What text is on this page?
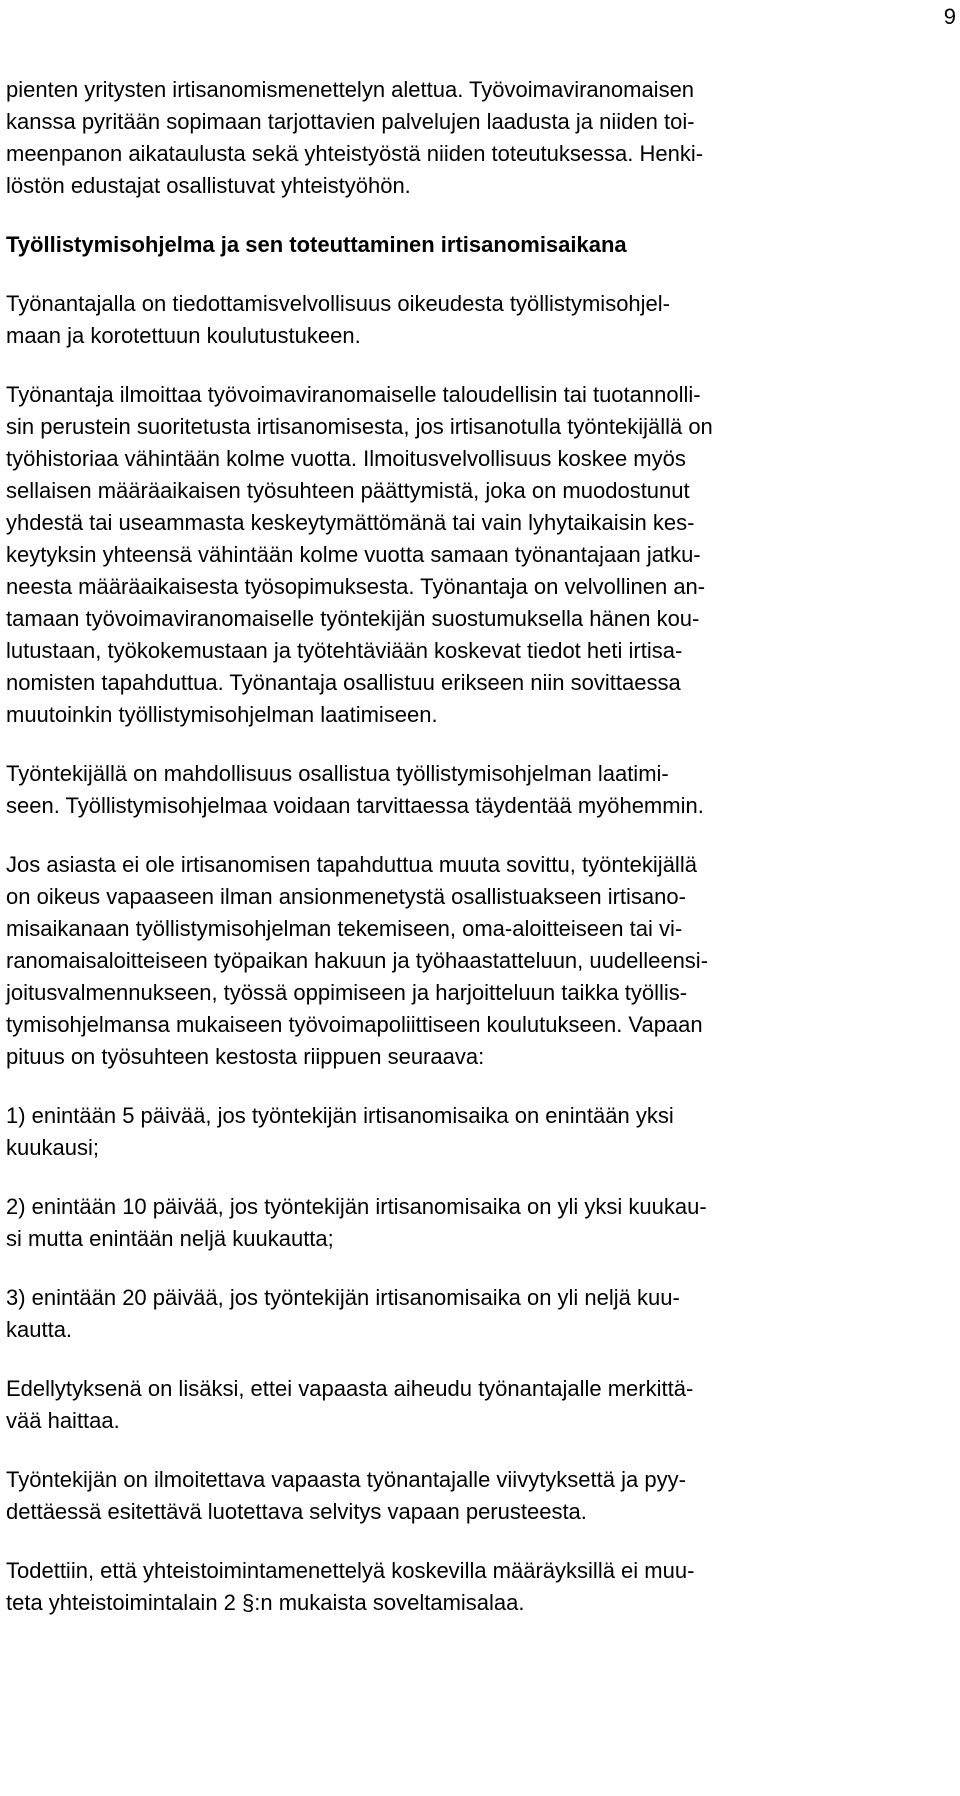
9
pienten yritysten irtisanomismenettelyn alettua. Työvoimaviranomaisen
kanssa pyritään sopimaan tarjottavien palvelujen laadusta ja niiden toi-
meenpanon aikataulusta sekä yhteistyöstä niiden toteutuksessa. Henki-
löstön edustajat osallistuvat yhteistyöhön.
Työllistymisohjelma ja sen toteuttaminen irtisanomisaikana
Työnantajalla on tiedottamisvelvollisuus oikeudesta työllistymisohjel-
maan ja korotettuun koulutustukeen.
Työnantaja ilmoittaa työvoimaviranomaiselle taloudellisin tai tuotannolli-
sin perustein suoritetusta irtisanomisesta, jos irtisanotulla työntekijällä on
työhistoriaa vähintään kolme vuotta. Ilmoitusvelvollisuus koskee myös
sellaisen määräaikaisen työsuhteen päättymistä, joka on muodostunut
yhdestä tai useammasta keskeytymättömänä tai vain lyhytaikaisin kes-
keytyksin yhteensä vähintään kolme vuotta samaan työnantajaan jatku-
neesta määräaikaisesta työsopimuksesta. Työnantaja on velvollinen an-
tamaan työvoimaviranomaiselle työntekijän suostumuksella hänen kou-
lutustaan, työkokemustaan ja työtehtäviään koskevat tiedot heti irtisa-
nomisten tapahduttua. Työnantaja osallistuu erikseen niin sovittaessa
muutoinkin työllistymisohjelman laatimiseen.
Työntekijällä on mahdollisuus osallistua työllistymisohjelman laatimi-
seen. Työllistymisohjelmaa voidaan tarvittaessa täydentää myöhemmin.
Jos asiasta ei ole irtisanomisen tapahduttua muuta sovittu, työntekijällä
on oikeus vapaaseen ilman ansionmenetystä osallistuakseen irtisano-
misaikanaan työllistymisohjelman tekemiseen, oma-aloitteiseen tai vi-
ranomaisaloitteiseen työpaikan hakuun ja työhaastatteluun, uudelleensi-
joitusvalmennukseen, työssä oppimiseen ja harjoitteluun taikka työllis-
tymisohjelmansa mukaiseen työvoimapoliittiseen koulutukseen. Vapaan
pituus on työsuhteen kestosta riippuen seuraava:
1) enintään 5 päivää, jos työntekijän irtisanomisaika on enintään yksi
kuukausi;
2) enintään 10 päivää, jos työntekijän irtisanomisaika on yli yksi kuukau-
si mutta enintään neljä kuukautta;
3) enintään 20 päivää, jos työntekijän irtisanomisaika on yli neljä kuu-
kautta.
Edellytyksenä on lisäksi, ettei vapaasta aiheudu työnantajalle merkittä-
vää haittaa.
Työntekijän on ilmoitettava vapaasta työnantajalle viivytyksettä ja pyy-
dettäessä esitettävä luotettava selvitys vapaan perusteesta.
Todettiin, että yhteistoimintamenettelyä koskevilla määräyksillä ei muu-
teta yhteistoimintalain 2 §:n mukaista soveltamisalaa.
